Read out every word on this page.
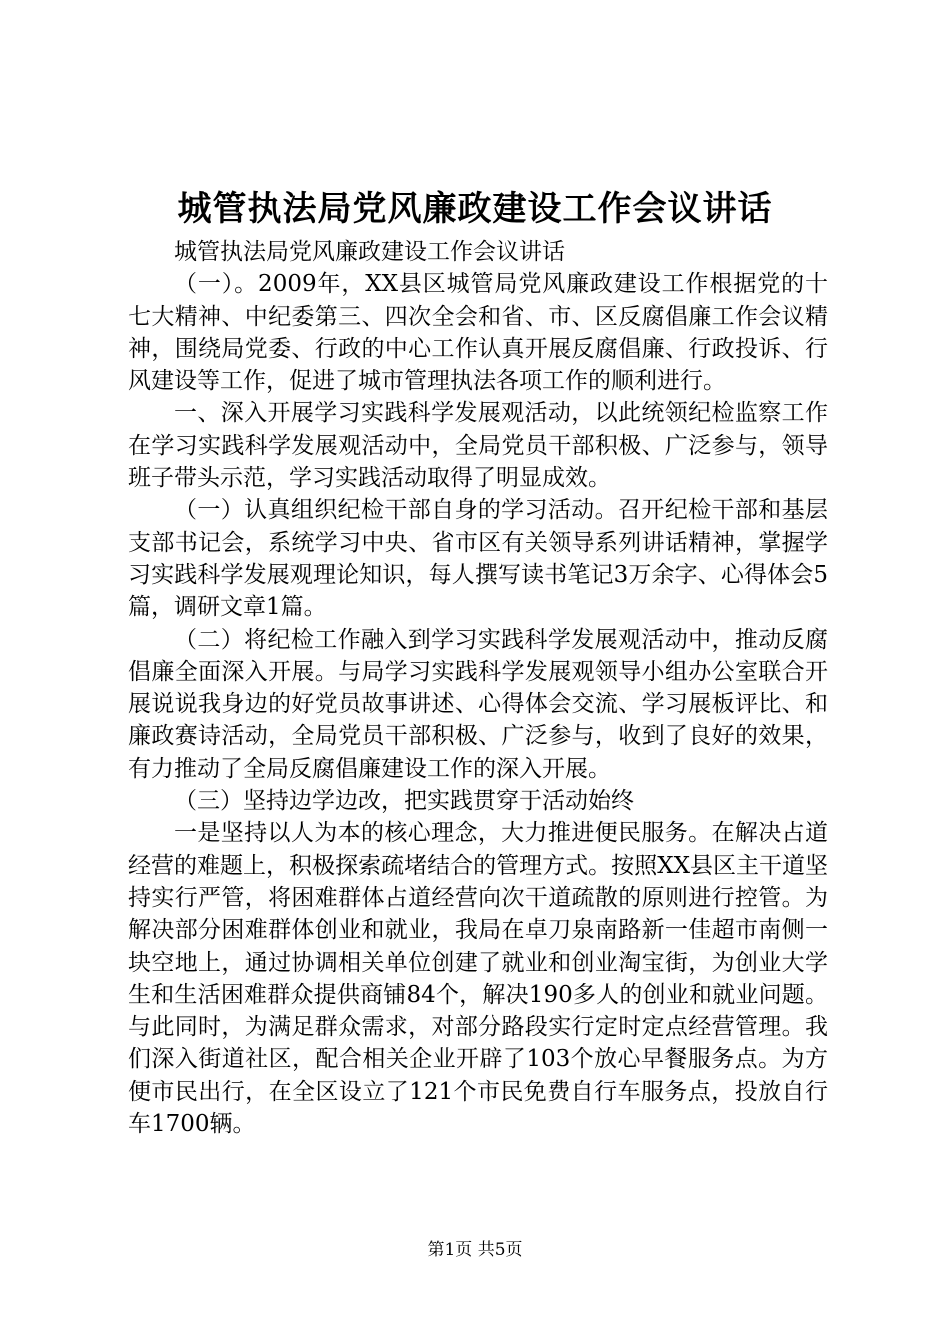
城管执法局党风廉政建设工作会议讲话

城管执法局党风廉政建设工作会议讲话

（一）。2009年，XX县区城管局党风廉政建设工作根据党的十七大精神、中纪委第三、四次全会和省、市、区反腐倡廉工作会议精神，围绕局党委、行政的中心工作认真开展反腐倡廉、行政投诉、行风建设等工作，促进了城市管理执法各项工作的顺利进行。

一、深入开展学习实践科学发展观活动，以此统领纪检监察工作在学习实践科学发展观活动中，全局党员干部积极、广泛参与，领导班子带头示范，学习实践活动取得了明显成效。

（一）认真组织纪检干部自身的学习活动。召开纪检干部和基层支部书记会，系统学习中央、省市区有关领导系列讲话精神，掌握学习实践科学发展观理论知识，每人撰写读书笔记3万余字、心得体会5篇，调研文章1篇。

（二）将纪检工作融入到学习实践科学发展观活动中，推动反腐倡廉全面深入开展。与局学习实践科学发展观领导小组办公室联合开展说说我身边的好党员故事讲述、心得体会交流、学习展板评比、和廉政赛诗活动，全局党员干部积极、广泛参与，收到了良好的效果，有力推动了全局反腐倡廉建设工作的深入开展。

（三）坚持边学边改，把实践贯穿于活动始终

一是坚持以人为本的核心理念，大力推进便民服务。在解决占道经营的难题上，积极探索疏堵结合的管理方式。按照XX县区主干道坚持实行严管，将困难群体占道经营向次干道疏散的原则进行控管。为解决部分困难群体创业和就业，我局在卓刀泉南路新一佳超市南侧一块空地上，通过协调相关单位创建了就业和创业淘宝街，为创业大学生和生活困难群众提供商铺84个，解决190多人的创业和就业问题。与此同时，为满足群众需求，对部分路段实行定时定点经营管理。我们深入街道社区，配合相关企业开辟了103个放心早餐服务点。为方便市民出行，在全区设立了121个市民免费自行车服务点，投放自行车1700辆。

第1页 共5页
